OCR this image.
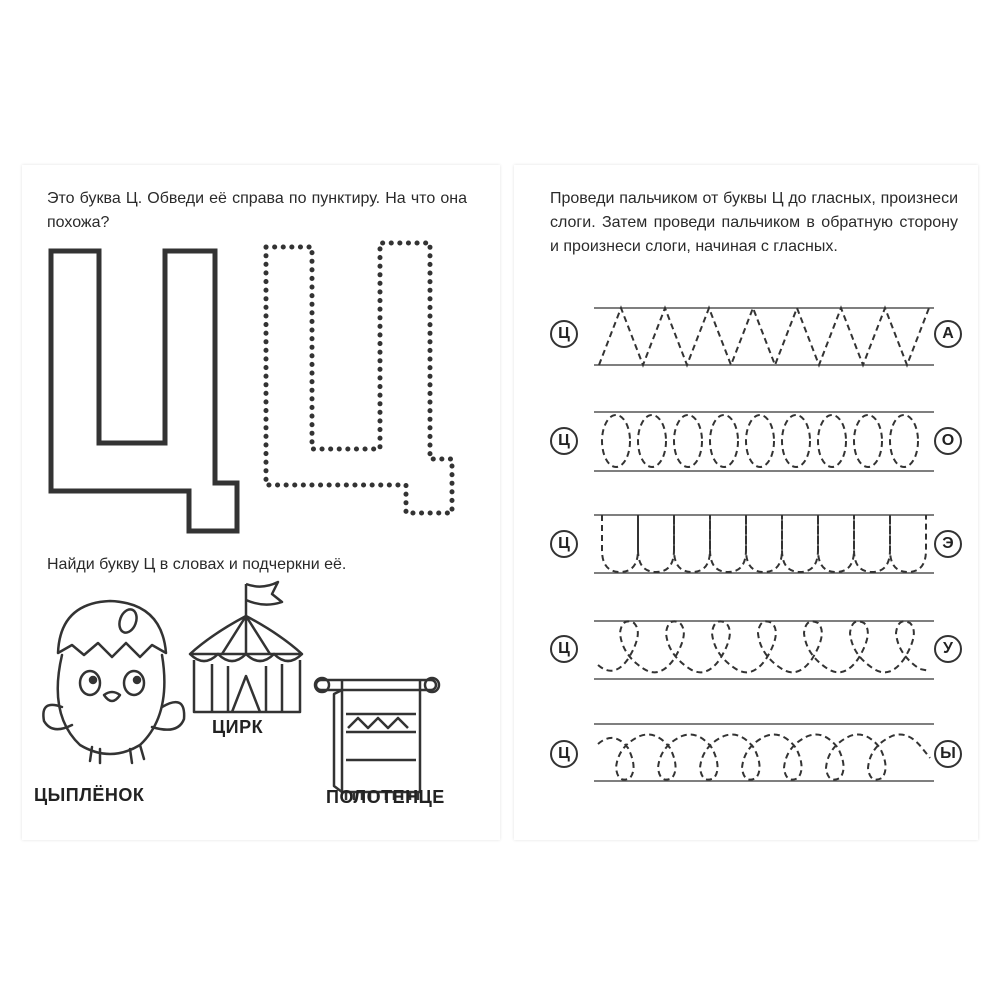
Это буква Ц. Обведи её справа по пунктиру. На что она похожа?

Найди букву Ц в словах и подчеркни её.

ЦЫПЛЁНОК
ЦИРК
ПОЛОТЕНЦЕ

Проведи пальчиком от буквы Ц до гласных, произнеси слоги. Затем проведи пальчиком в обратную сторону и произнеси слоги, начиная с гласных.

Ц	А
Ц	О
Ц	Э
Ц	У
Ц	Ы
